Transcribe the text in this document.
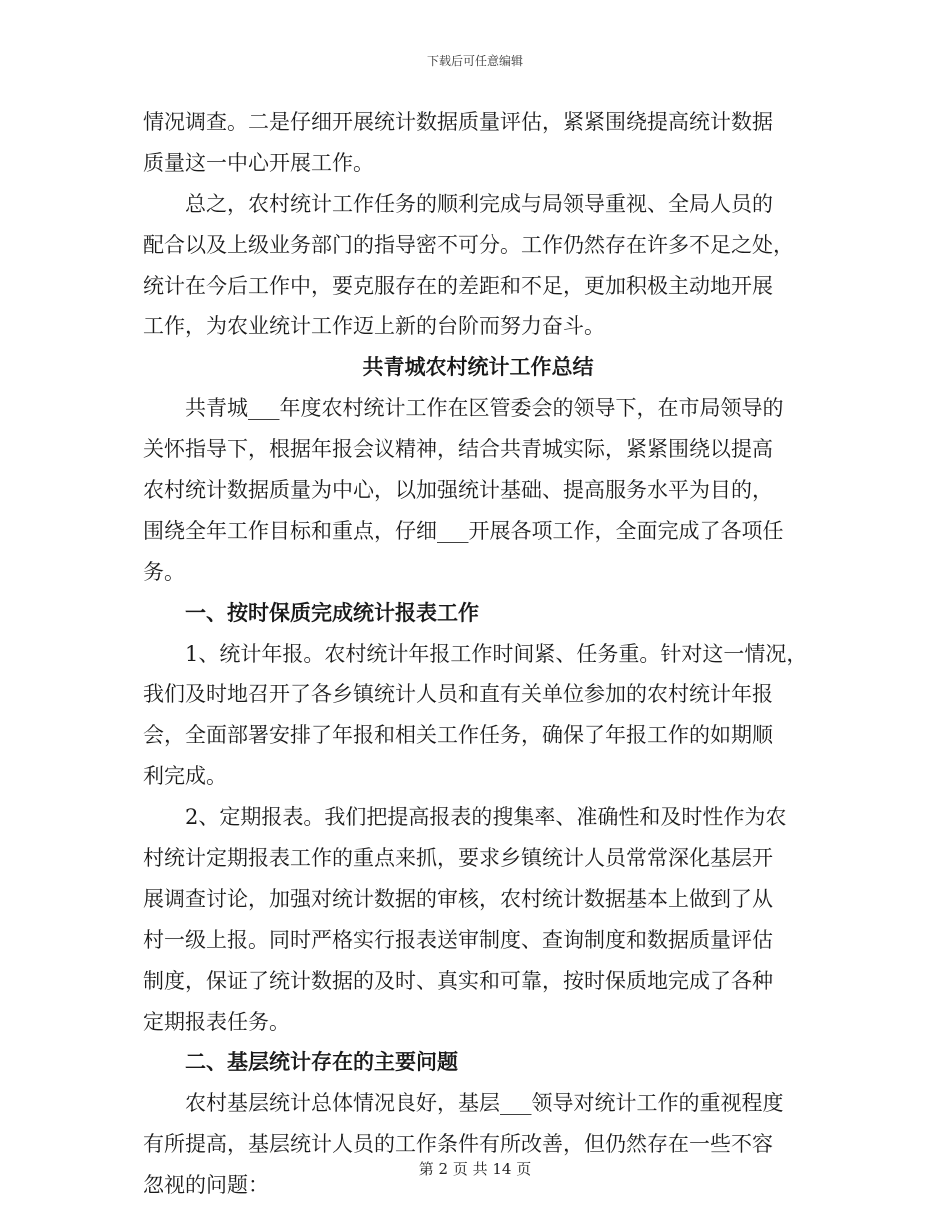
下载后可任意编辑
情况调查。二是仔细开展统计数据质量评估，紧紧围绕提高统计数据
质量这一中心开展工作。
总之，农村统计工作任务的顺利完成与局领导重视、全局人员的
配合以及上级业务部门的指导密不可分。工作仍然存在许多不足之处，
统计在今后工作中，要克服存在的差距和不足，更加积极主动地开展
工作，为农业统计工作迈上新的台阶而努力奋斗。
共青城农村统计工作总结
共青城___年度农村统计工作在区管委会的领导下，在市局领导的
关怀指导下，根据年报会议精神，结合共青城实际，紧紧围绕以提高
农村统计数据质量为中心，以加强统计基础、提高服务水平为目的，
围绕全年工作目标和重点，仔细___开展各项工作，全面完成了各项任
务。
一、按时保质完成统计报表工作
1、统计年报。农村统计年报工作时间紧、任务重。针对这一情况，
我们及时地召开了各乡镇统计人员和直有关单位参加的农村统计年报
会，全面部署安排了年报和相关工作任务，确保了年报工作的如期顺
利完成。
2、定期报表。我们把提高报表的搜集率、准确性和及时性作为农
村统计定期报表工作的重点来抓，要求乡镇统计人员常常深化基层开
展调查讨论，加强对统计数据的审核，农村统计数据基本上做到了从
村一级上报。同时严格实行报表送审制度、查询制度和数据质量评估
制度，保证了统计数据的及时、真实和可靠，按时保质地完成了各种
定期报表任务。
二、基层统计存在的主要问题
农村基层统计总体情况良好，基层___领导对统计工作的重视程度
有所提高，基层统计人员的工作条件有所改善，但仍然存在一些不容
忽视的问题：
第 2 页 共 14 页
